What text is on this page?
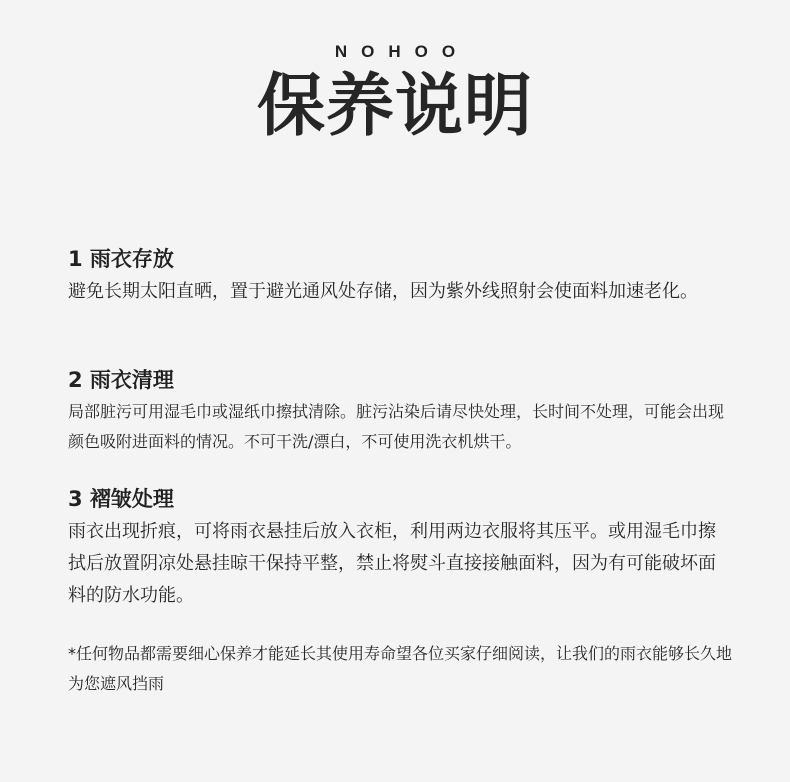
NOHOO
保养说明
1 雨衣存放

避免长期太阳直晒，置于避光通风处存储，因为紫外线照射会使面料加速老化。

2 雨衣清理

局部脏污可用湿毛巾或湿纸巾擦拭清除。脏污沾染后请尽快处理，长时间不处理，可能会出现颜色吸附进面料的情况。不可干洗/漂白，不可使用洗衣机烘干。

3 褶皱处理

雨衣出现折痕，可将雨衣悬挂后放入衣柜，利用两边衣服将其压平。或用湿毛巾擦拭后放置阴凉处悬挂晾干保持平整，禁止将熨斗直接接触面料，因为有可能破坏面料的防水功能。

*任何物品都需要细心保养才能延长其使用寿命望各位买家仔细阅读，让我们的雨衣能够长久地为您遮风挡雨
